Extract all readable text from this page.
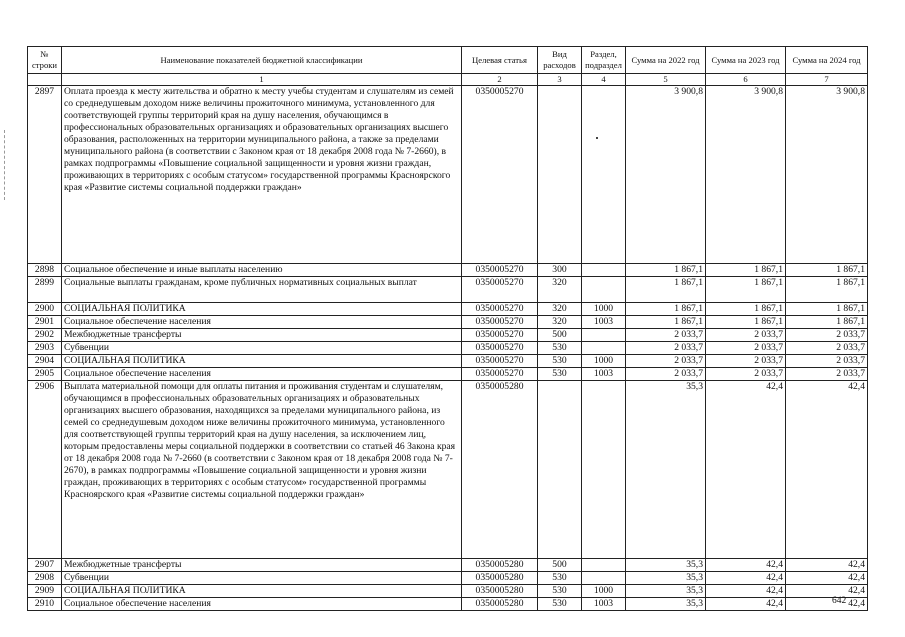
№ строки	Наименование показателей бюджетной классификации	Целевая статья	Вид расходов	Раздел, подраздел	Сумма на 2022 год	Сумма на 2023 год	Сумма на 2024 год
	1	2	3	4	5	6	7
2897	Оплата проезда к месту жительства и обратно к месту учебы студентам и слушателям из семей со среднедушевым доходом ниже величины прожиточного минимума, установленного для соответствующей группы территорий края на душу населения, обучающимся в профессиональных образовательных организациях и образовательных организациях высшего образования, расположенных на территории муниципального района, а также за пределами муниципального района (в соответствии с Законом края от 18 декабря 2008 года № 7-2660), в рамках подпрограммы «Повышение социальной защищенности и уровня жизни граждан, проживающих в территориях с особым статусом» государственной программы Красноярского края «Развитие системы социальной поддержки граждан»	0350005270			3 900,8	3 900,8	3 900,8
2898	Социальное обеспечение и иные выплаты населению	0350005270	300		1 867,1	1 867,1	1 867,1
2899	Социальные выплаты гражданам, кроме публичных нормативных социальных выплат	0350005270	320		1 867,1	1 867,1	1 867,1
2900	СОЦИАЛЬНАЯ ПОЛИТИКА	0350005270	320	1000	1 867,1	1 867,1	1 867,1
2901	Социальное обеспечение населения	0350005270	320	1003	1 867,1	1 867,1	1 867,1
2902	Межбюджетные трансферты	0350005270	500		2 033,7	2 033,7	2 033,7
2903	Субвенции	0350005270	530		2 033,7	2 033,7	2 033,7
2904	СОЦИАЛЬНАЯ ПОЛИТИКА	0350005270	530	1000	2 033,7	2 033,7	2 033,7
2905	Социальное обеспечение населения	0350005270	530	1003	2 033,7	2 033,7	2 033,7
2906	Выплата материальной помощи для оплаты питания и проживания студентам и слушателям, обучающимся в профессиональных образовательных организациях и образовательных организациях высшего образования, находящихся за пределами муниципального района, из семей со среднедушевым доходом ниже величины прожиточного минимума, установленного для соответствующей группы территорий края на душу населения, за исключением лиц, которым предоставлены меры социальной поддержки в соответствии со статьей 46 Закона края от 18 декабря 2008 года № 7-2660 (в соответствии с Законом края от 18 декабря 2008 года № 7-2670), в рамках подпрограммы «Повышение социальной защищенности и уровня жизни граждан, проживающих в территориях с особым статусом» государственной программы Красноярского края «Развитие системы социальной поддержки граждан»	0350005280			35,3	42,4	42,4
2907	Межбюджетные трансферты	0350005280	500		35,3	42,4	42,4
2908	Субвенции	0350005280	530		35,3	42,4	42,4
2909	СОЦИАЛЬНАЯ ПОЛИТИКА	0350005280	530	1000	35,3	42,4	42,4
2910	Социальное обеспечение населения	0350005280	530	1003	35,3	42,4	42,4
642
